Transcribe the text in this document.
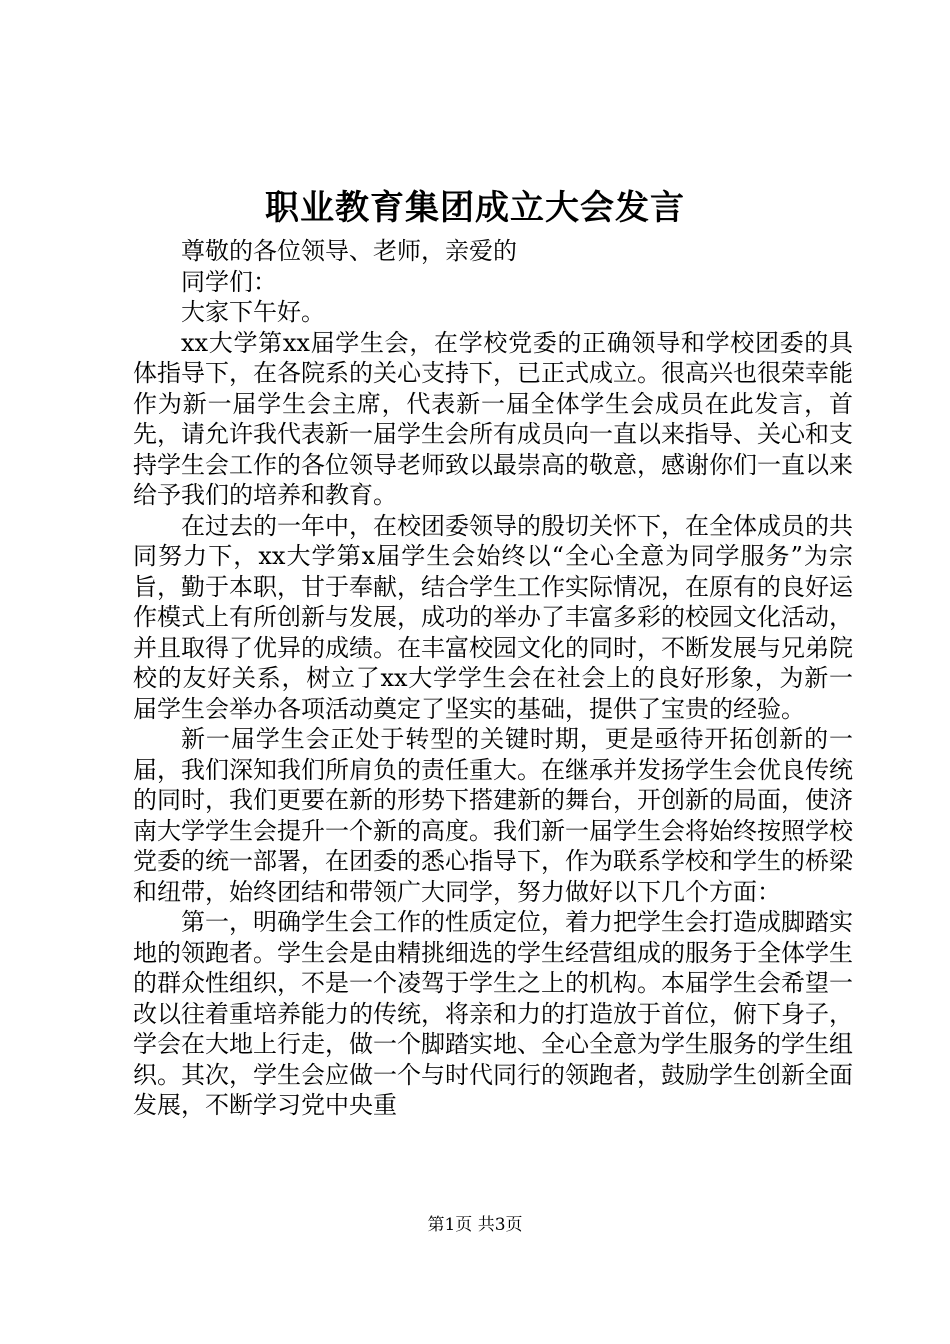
职业教育集团成立大会发言

尊敬的各位领导、老师，亲爱的

同学们：

大家下午好。

xx大学第xx届学生会，在学校党委的正确领导和学校团委的具体指导下，在各院系的关心支持下，已正式成立。很高兴也很荣幸能作为新一届学生会主席，代表新一届全体学生会成员在此发言，首先，请允许我代表新一届学生会所有成员向一直以来指导、关心和支持学生会工作的各位领导老师致以最崇高的敬意，感谢你们一直以来给予我们的培养和教育。

在过去的一年中，在校团委领导的殷切关怀下，在全体成员的共同努力下，xx大学第x届学生会始终以“全心全意为同学服务”为宗旨，勤于本职，甘于奉献，结合学生工作实际情况，在原有的良好运作模式上有所创新与发展，成功的举办了丰富多彩的校园文化活动，并且取得了优异的成绩。在丰富校园文化的同时，不断发展与兄弟院校的友好关系，树立了xx大学学生会在社会上的良好形象，为新一届学生会举办各项活动奠定了坚实的基础，提供了宝贵的经验。

新一届学生会正处于转型的关键时期，更是亟待开拓创新的一届，我们深知我们所肩负的责任重大。在继承并发扬学生会优良传统的同时，我们更要在新的形势下搭建新的舞台，开创新的局面，使济南大学学生会提升一个新的高度。我们新一届学生会将始终按照学校党委的统一部署，在团委的悉心指导下，作为联系学校和学生的桥梁和纽带，始终团结和带领广大同学，努力做好以下几个方面：

第一，明确学生会工作的性质定位，着力把学生会打造成脚踏实地的领跑者。学生会是由精挑细选的学生经营组成的服务于全体学生的群众性组织，不是一个凌驾于学生之上的机构。本届学生会希望一改以往着重培养能力的传统，将亲和力的打造放于首位，俯下身子，学会在大地上行走，做一个脚踏实地、全心全意为学生服务的学生组织。其次，学生会应做一个与时代同行的领跑者，鼓励学生创新全面发展，不断学习党中央重

第1页 共3页
